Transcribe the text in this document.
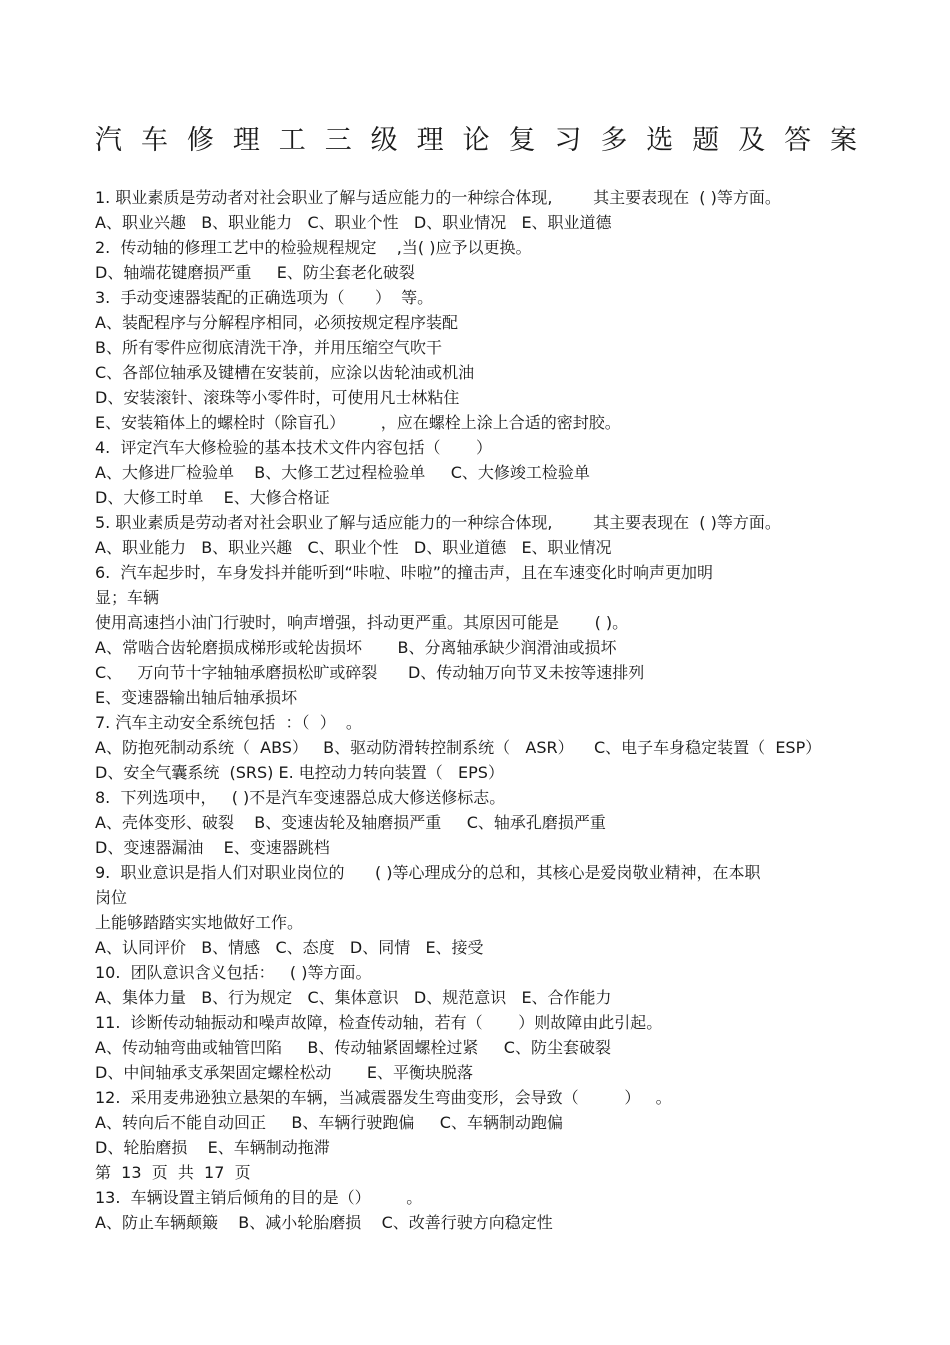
汽 车 修 理 工 三 级 理 论 复 习 多 选 题 及 答 案
1. 职业素质是劳动者对社会职业了解与适应能力的一种综合体现,        其主要表现在  ( )等方面。
A、职业兴趣   B、职业能力   C、职业个性   D、职业情况   E、职业道德
2.  传动轴的修理工艺中的检验规程规定    ,当( )应予以更换。
D、轴端花键磨损严重     E、防尘套老化破裂
3.  手动变速器装配的正确选项为（      ）  等。
A、装配程序与分解程序相同，必须按规定程序装配
B、所有零件应彻底清洗干净，并用压缩空气吹干
C、各部位轴承及键槽在安装前，应涂以齿轮油或机油
D、安装滚针、滚珠等小零件时，可使用凡士林粘住
E、安装箱体上的螺栓时（除盲孔）       ，应在螺栓上涂上合适的密封胶。
4.  评定汽车大修检验的基本技术文件内容包括（       ）
A、大修进厂检验单    B、大修工艺过程检验单     C、大修竣工检验单
D、大修工时单    E、大修合格证
5. 职业素质是劳动者对社会职业了解与适应能力的一种综合体现,        其主要表现在  ( )等方面。
A、职业能力   B、职业兴趣   C、职业个性   D、职业道德   E、职业情况
6.  汽车起步时，车身发抖并能听到“咔啦、咔啦”的撞击声，且在车速变化时响声更加明
显；车辆
使用高速挡小油门行驶时，响声增强，抖动更严重。其原因可能是       ( )。
A、常啮合齿轮磨损成梯形或轮齿损坏       B、分离轴承缺少润滑油或损坏
C、   万向节十字轴轴承磨损松旷或碎裂      D、传动轴万向节叉未按等速排列
E、变速器输出轴后轴承损坏
7. 汽车主动安全系统包括  ：（  ）  。
A、防抱死制动系统（  ABS）   B、驱动防滑转控制系统（   ASR）    C、电子车身稳定装置（  ESP）
D、安全气囊系统  (SRS) E. 电控动力转向装置（   EPS）
8.  下列选项中，   ( )不是汽车变速器总成大修送修标志。
A、壳体变形、破裂    B、变速齿轮及轴磨损严重     C、轴承孔磨损严重
D、变速器漏油    E、变速器跳档
9.  职业意识是指人们对职业岗位的      ( )等心理成分的总和，其核心是爱岗敬业精神，在本职
岗位
上能够踏踏实实地做好工作。
A、认同评价   B、情感   C、态度   D、同情   E、接受
10.  团队意识含义包括：   ( )等方面。
A、集体力量   B、行为规定   C、集体意识   D、规范意识   E、合作能力
11.  诊断传动轴振动和噪声故障，检查传动轴，若有（       ）则故障由此引起。
A、传动轴弯曲或轴管凹陷     B、传动轴紧固螺栓过紧     C、防尘套破裂
D、中间轴承支承架固定螺栓松动       E、平衡块脱落
12.  采用麦弗逊独立悬架的车辆，当减震器发生弯曲变形，会导致（         ）   。
A、转向后不能自动回正     B、车辆行驶跑偏     C、车辆制动跑偏
D、轮胎磨损    E、车辆制动拖滞
第  13  页  共  17  页
13.  车辆设置主销后倾角的目的是（）       。
A、防止车辆颠簸    B、减小轮胎磨损    C、改善行驶方向稳定性
